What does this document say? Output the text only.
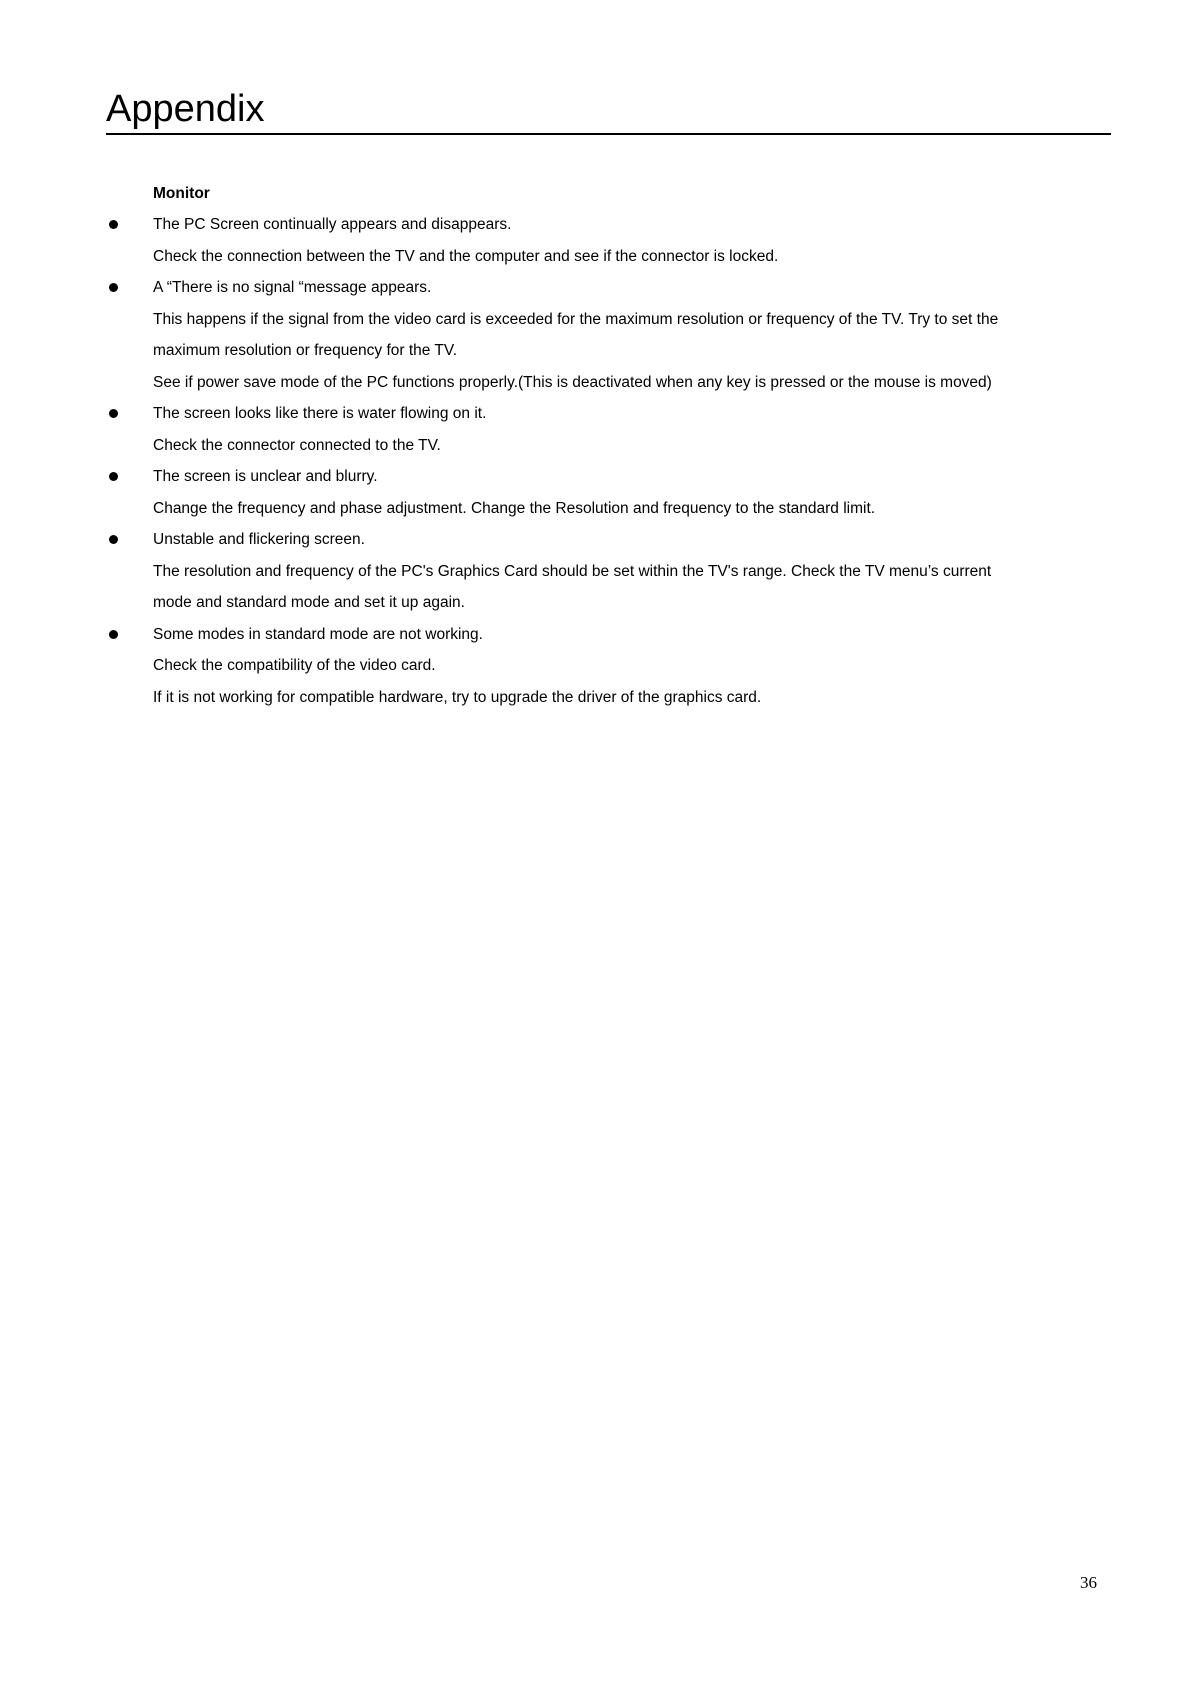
Appendix
Monitor
The PC Screen continually appears and disappears.
Check the connection between the TV and the computer and see if the connector is locked.
A “There is no signal “message appears.
This happens if the signal from the video card is exceeded for the maximum resolution or frequency of the TV. Try to set the
maximum resolution or frequency for the TV.
See if power save mode of the PC functions properly.(This is deactivated when any key is pressed or the mouse is moved)
The screen looks like there is water flowing on it.
Check the connector connected to the TV.
The screen is unclear and blurry.
Change the frequency and phase adjustment. Change the Resolution and frequency to the standard limit.
Unstable and flickering screen.
The resolution and frequency of the PC's Graphics Card should be set within the TV's range. Check the TV menu’s current
mode and standard mode and set it up again.
Some modes in standard mode are not working.
Check the compatibility of the video card.
If it is not working for compatible hardware, try to upgrade the driver of the graphics card.
36
